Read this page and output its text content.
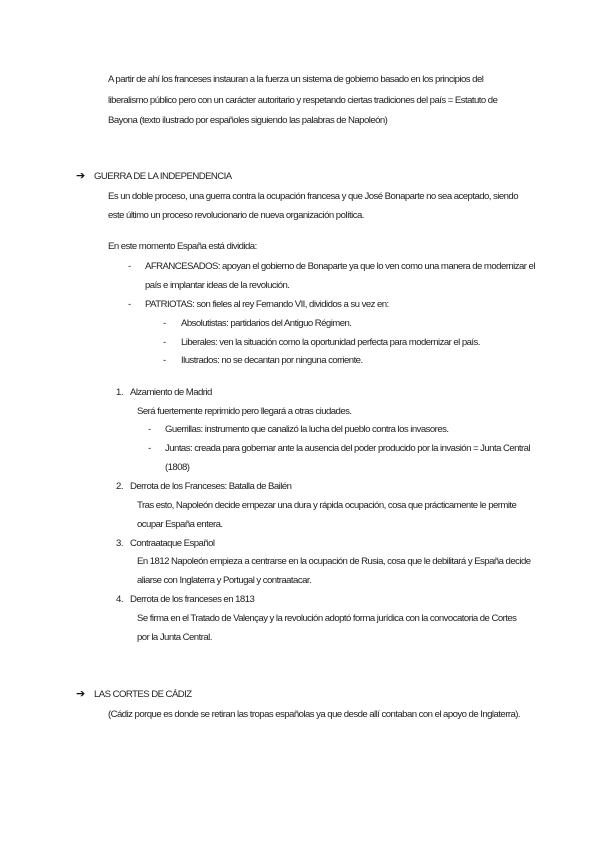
A partir de ahí los franceses instauran a la fuerza un sistema de gobierno basado en los principios del
liberalismo público pero con un carácter autoritario y respetando ciertas tradiciones del país = Estatuto de
Bayona (texto ilustrado por españoles siguiendo las palabras de Napoleón)
➔ GUERRA DE LA INDEPENDENCIA
Es un doble proceso, una guerra contra la ocupación francesa y que José Bonaparte no sea aceptado, siendo
este último un proceso revolucionario de nueva organización política.
En este momento España está dividida:
- AFRANCESADOS: apoyan el gobierno de Bonaparte ya que lo ven como una manera de modernizar el
país e implantar ideas de la revolución.
- PATRIOTAS: son fieles al rey Fernando VII, divididos a su vez en:
- Absolutistas: partidarios del Antiguo Régimen.
- Liberales: ven la situación como la oportunidad perfecta para modernizar el país.
- Ilustrados: no se decantan por ninguna corriente.
1. Alzamiento de Madrid
Será fuertemente reprimido pero llegará a otras ciudades.
- Guerrillas: instrumento que canalizó la lucha del pueblo contra los invasores.
- Juntas: creada para gobernar ante la ausencia del poder producido por la invasión = Junta Central
(1808)
2. Derrota de los Franceses: Batalla de Bailén
Tras esto, Napoleón decide empezar una dura y rápida ocupación, cosa que prácticamente le permite
ocupar España entera.
3. Contraataque Español
En 1812 Napoleón empieza a centrarse en la ocupación de Rusia, cosa que le debilitará y España decide
aliarse con Inglaterra y Portugal y contraatacar.
4. Derrota de los franceses en 1813
Se firma en el Tratado de Valençay y la revolución adoptó forma jurídica con la convocatoria de Cortes
por la Junta Central.
➔ LAS CORTES DE CÁDIZ
(Cádiz porque es donde se retiran las tropas españolas ya que desde allí contaban con el apoyo de Inglaterra).
